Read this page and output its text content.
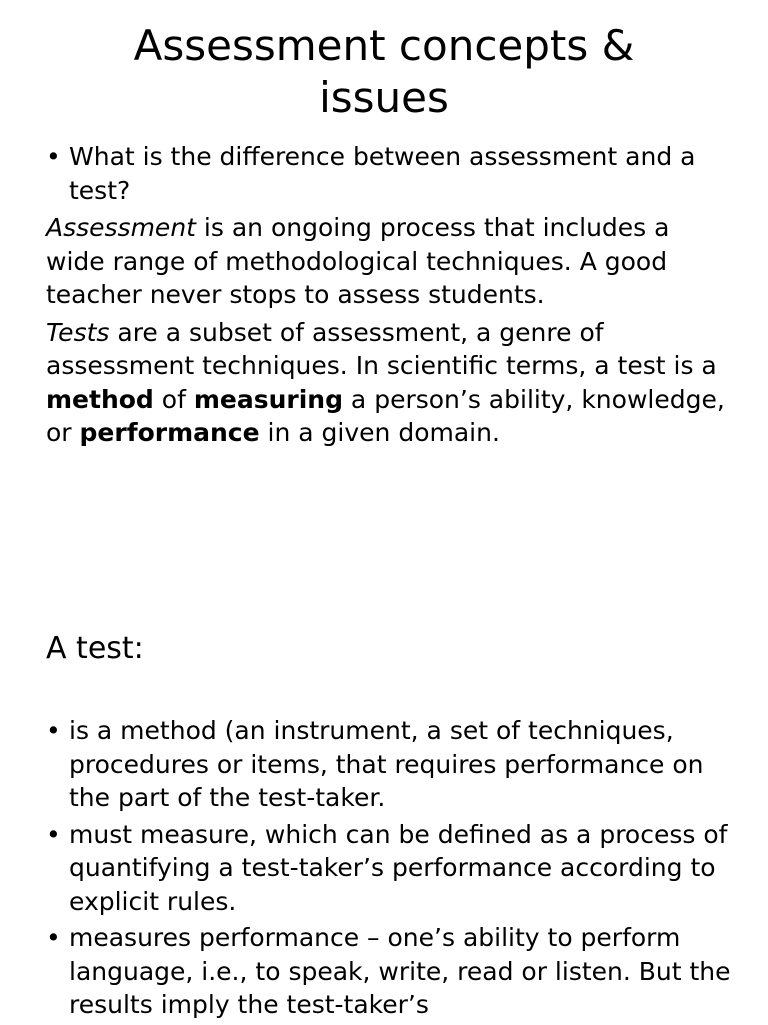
Assessment concepts &
issues

• What is the difference between assessment and a test?

Assessment is an ongoing process that includes a wide range of methodological techniques. A good teacher never stops to assess students.

Tests are a subset of assessment, a genre of assessment techniques. In scientific terms, a test is a method of measuring a person’s ability, knowledge, or performance in a given domain.

A test:

• is a method (an instrument, a set of techniques, procedures or items, that requires performance on the part of the test-taker.

• must measure, which can be defined as a process of quantifying a test-taker’s performance according to explicit rules.

• measures performance – one’s ability to perform language, i.e., to speak, write, read or listen. But the results imply the test-taker’s
